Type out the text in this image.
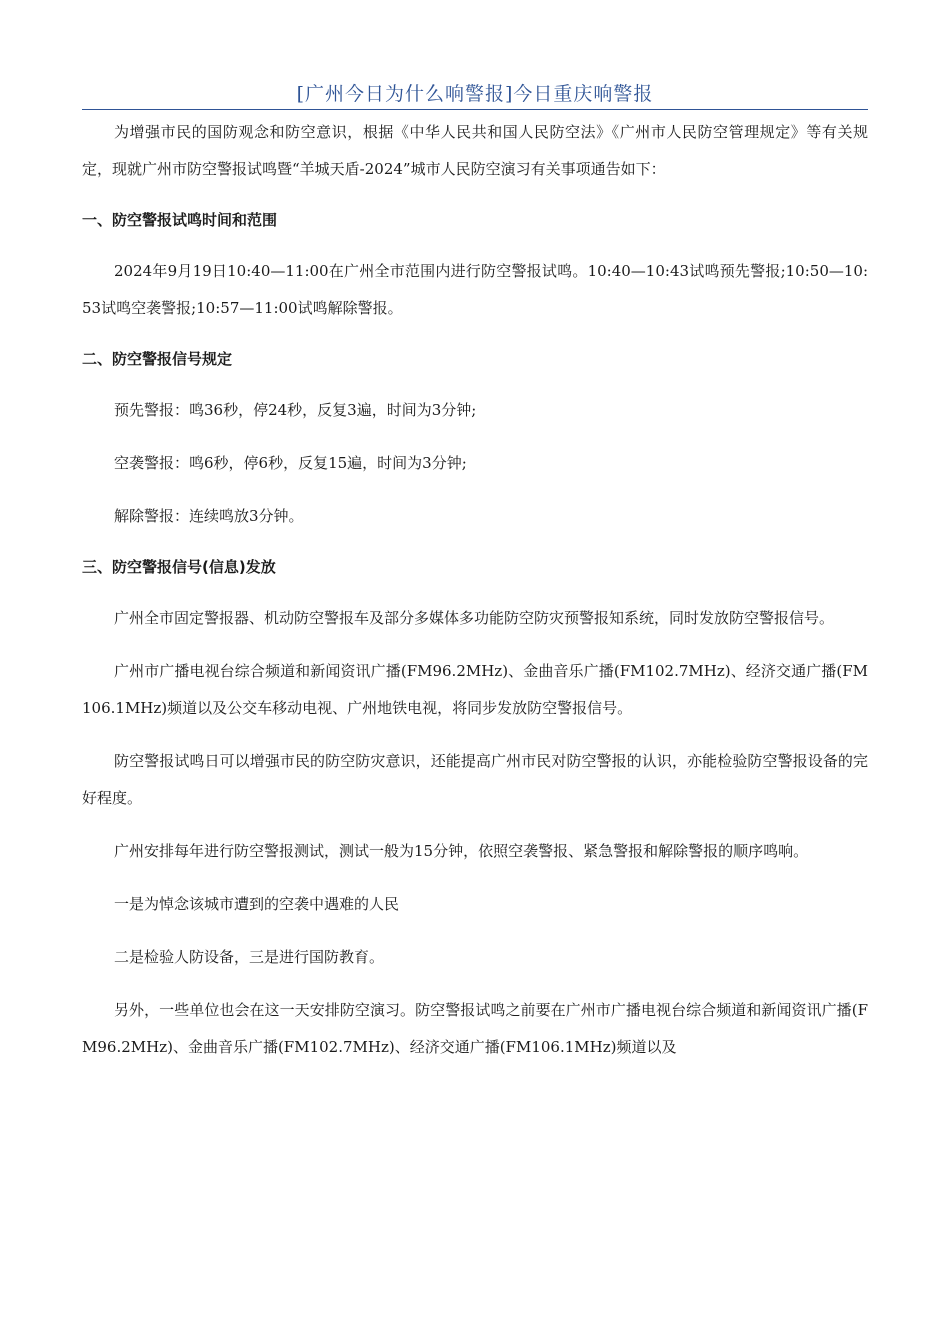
[广州今日为什么响警报]今日重庆响警报

为增强市民的国防观念和防空意识，根据《中华人民共和国人民防空法》《广州市人民防空管理规定》等有关规定，现就广州市防空警报试鸣暨“羊城天盾-2024”城市人民防空演习有关事项通告如下：

一、防空警报试鸣时间和范围

2024年9月19日10:40—11:00在广州全市范围内进行防空警报试鸣。10:40—10:43试鸣预先警报;10:50—10:53试鸣空袭警报;10:57—11:00试鸣解除警报。

二、防空警报信号规定

预先警报：鸣36秒，停24秒，反复3遍，时间为3分钟;

空袭警报：鸣6秒，停6秒，反复15遍，时间为3分钟;

解除警报：连续鸣放3分钟。

三、防空警报信号(信息)发放

广州全市固定警报器、机动防空警报车及部分多媒体多功能防空防灾预警报知系统，同时发放防空警报信号。

广州市广播电视台综合频道和新闻资讯广播(FM96.2MHz)、金曲音乐广播(FM102.7MHz)、经济交通广播(FM106.1MHz)频道以及公交车移动电视、广州地铁电视，将同步发放防空警报信号。

防空警报试鸣日可以增强市民的防空防灾意识，还能提高广州市民对防空警报的认识，亦能检验防空警报设备的完好程度。

广州安排每年进行防空警报测试，测试一般为15分钟，依照空袭警报、紧急警报和解除警报的顺序鸣响。

一是为悼念该城市遭到的空袭中遇难的人民

二是检验人防设备，三是进行国防教育。

另外，一些单位也会在这一天安排防空演习。防空警报试鸣之前要在广州市广播电视台综合频道和新闻资讯广播(FM96.2MHz)、金曲音乐广播(FM102.7MHz)、经济交通广播(FM106.1MHz)频道以及
